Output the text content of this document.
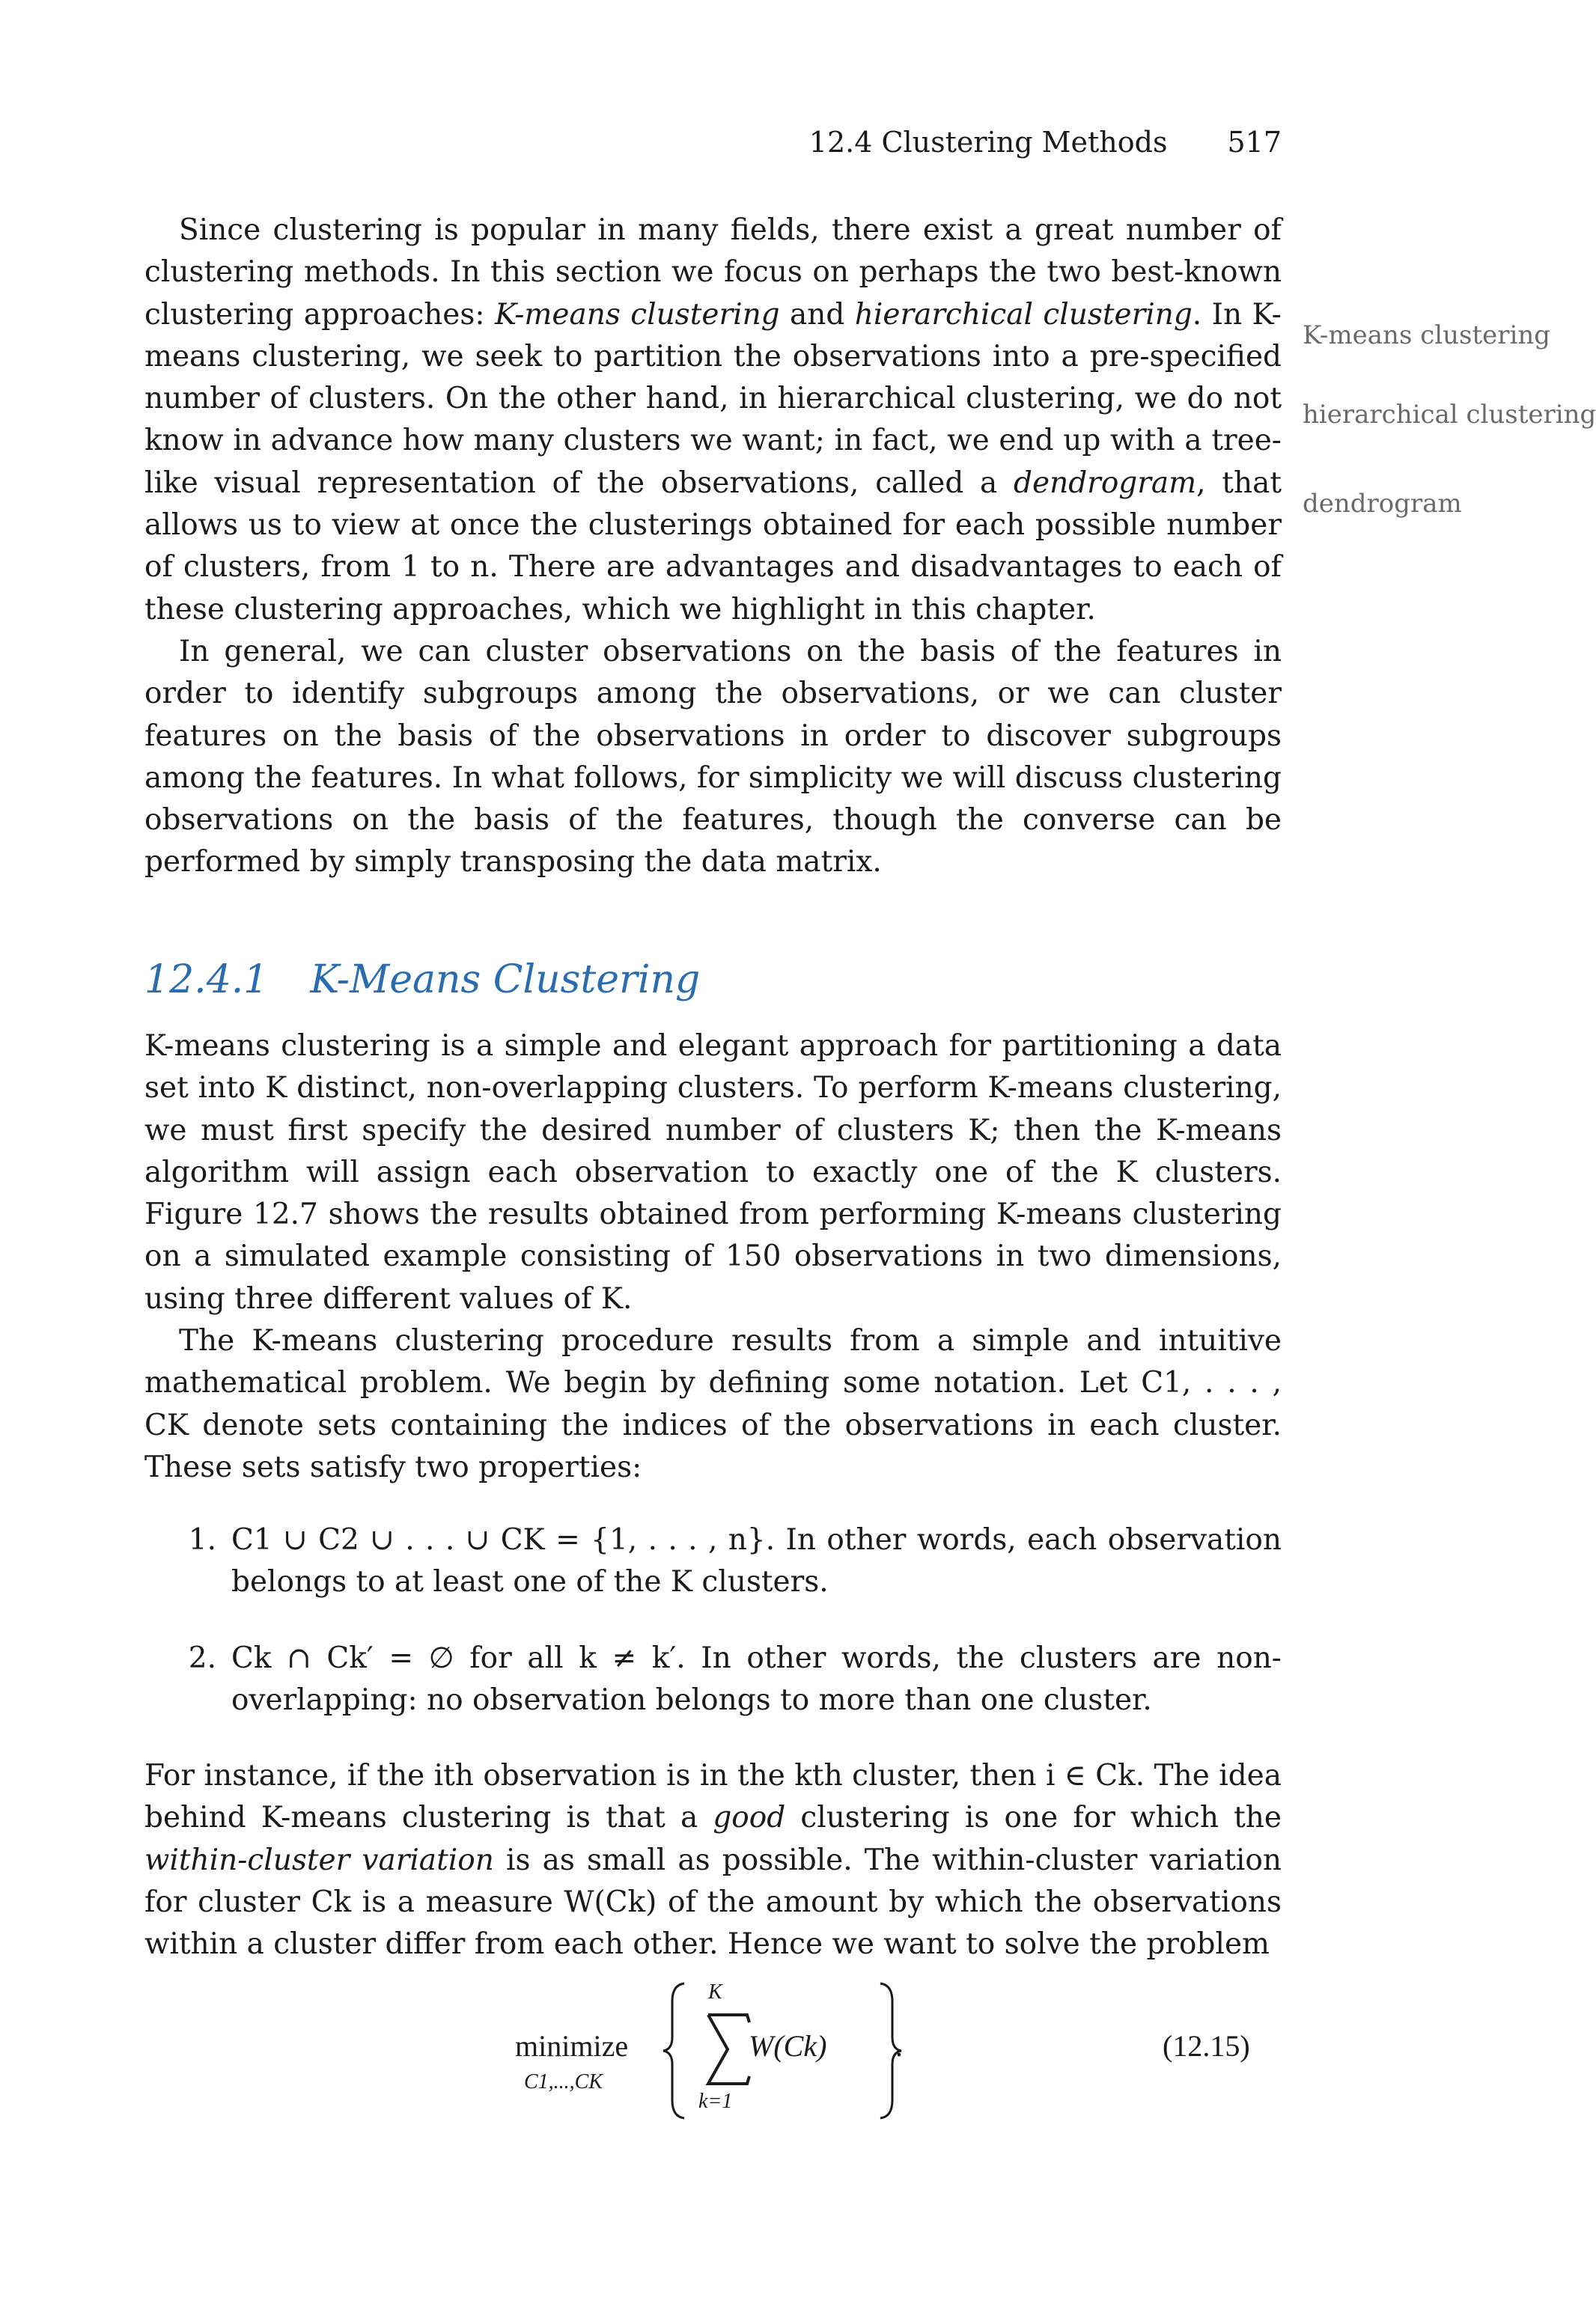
12.4 Clustering Methods 517

Since clustering is popular in many fields, there exist a great number of clustering methods. In this section we focus on perhaps the two best-known clustering approaches: K-means clustering and hierarchical clustering. In K-means clustering, we seek to partition the observations into a pre-specified number of clusters. On the other hand, in hierarchical clustering, we do not know in advance how many clusters we want; in fact, we end up with a tree-like visual representation of the observations, called a dendrogram, that allows us to view at once the clusterings obtained for each possible number of clusters, from 1 to n. There are advantages and disadvantages to each of these clustering approaches, which we highlight in this chapter.

In general, we can cluster observations on the basis of the features in order to identify subgroups among the observations, or we can cluster features on the basis of the observations in order to discover subgroups among the features. In what follows, for simplicity we will discuss clustering observations on the basis of the features, though the converse can be performed by simply transposing the data matrix.

K-means clustering
hierarchical clustering
dendrogram
12.4.1 K-Means Clustering

K-means clustering is a simple and elegant approach for partitioning a data set into K distinct, non-overlapping clusters. To perform K-means clustering, we must first specify the desired number of clusters K; then the K-means algorithm will assign each observation to exactly one of the K clusters. Figure 12.7 shows the results obtained from performing K-means clustering on a simulated example consisting of 150 observations in two dimensions, using three different values of K.

The K-means clustering procedure results from a simple and intuitive mathematical problem. We begin by defining some notation. Let C1, . . . , CK denote sets containing the indices of the observations in each cluster. These sets satisfy two properties:

1. C1 ∪ C2 ∪ . . . ∪ CK = {1, . . . , n}. In other words, each observation belongs to at least one of the K clusters.
2. Ck ∩ Ck′ = ∅ for all k ≠ k′. In other words, the clusters are non-overlapping: no observation belongs to more than one cluster.

For instance, if the ith observation is in the kth cluster, then i ∈ Ck. The idea behind K-means clustering is that a good clustering is one for which the within-cluster variation is as small as possible. The within-cluster variation for cluster Ck is a measure W(Ck) of the amount by which the observations within a cluster differ from each other. Hence we want to solve the problem

minimize
C1,...,CK
K
k=1
W(Ck) .	(12.15)
